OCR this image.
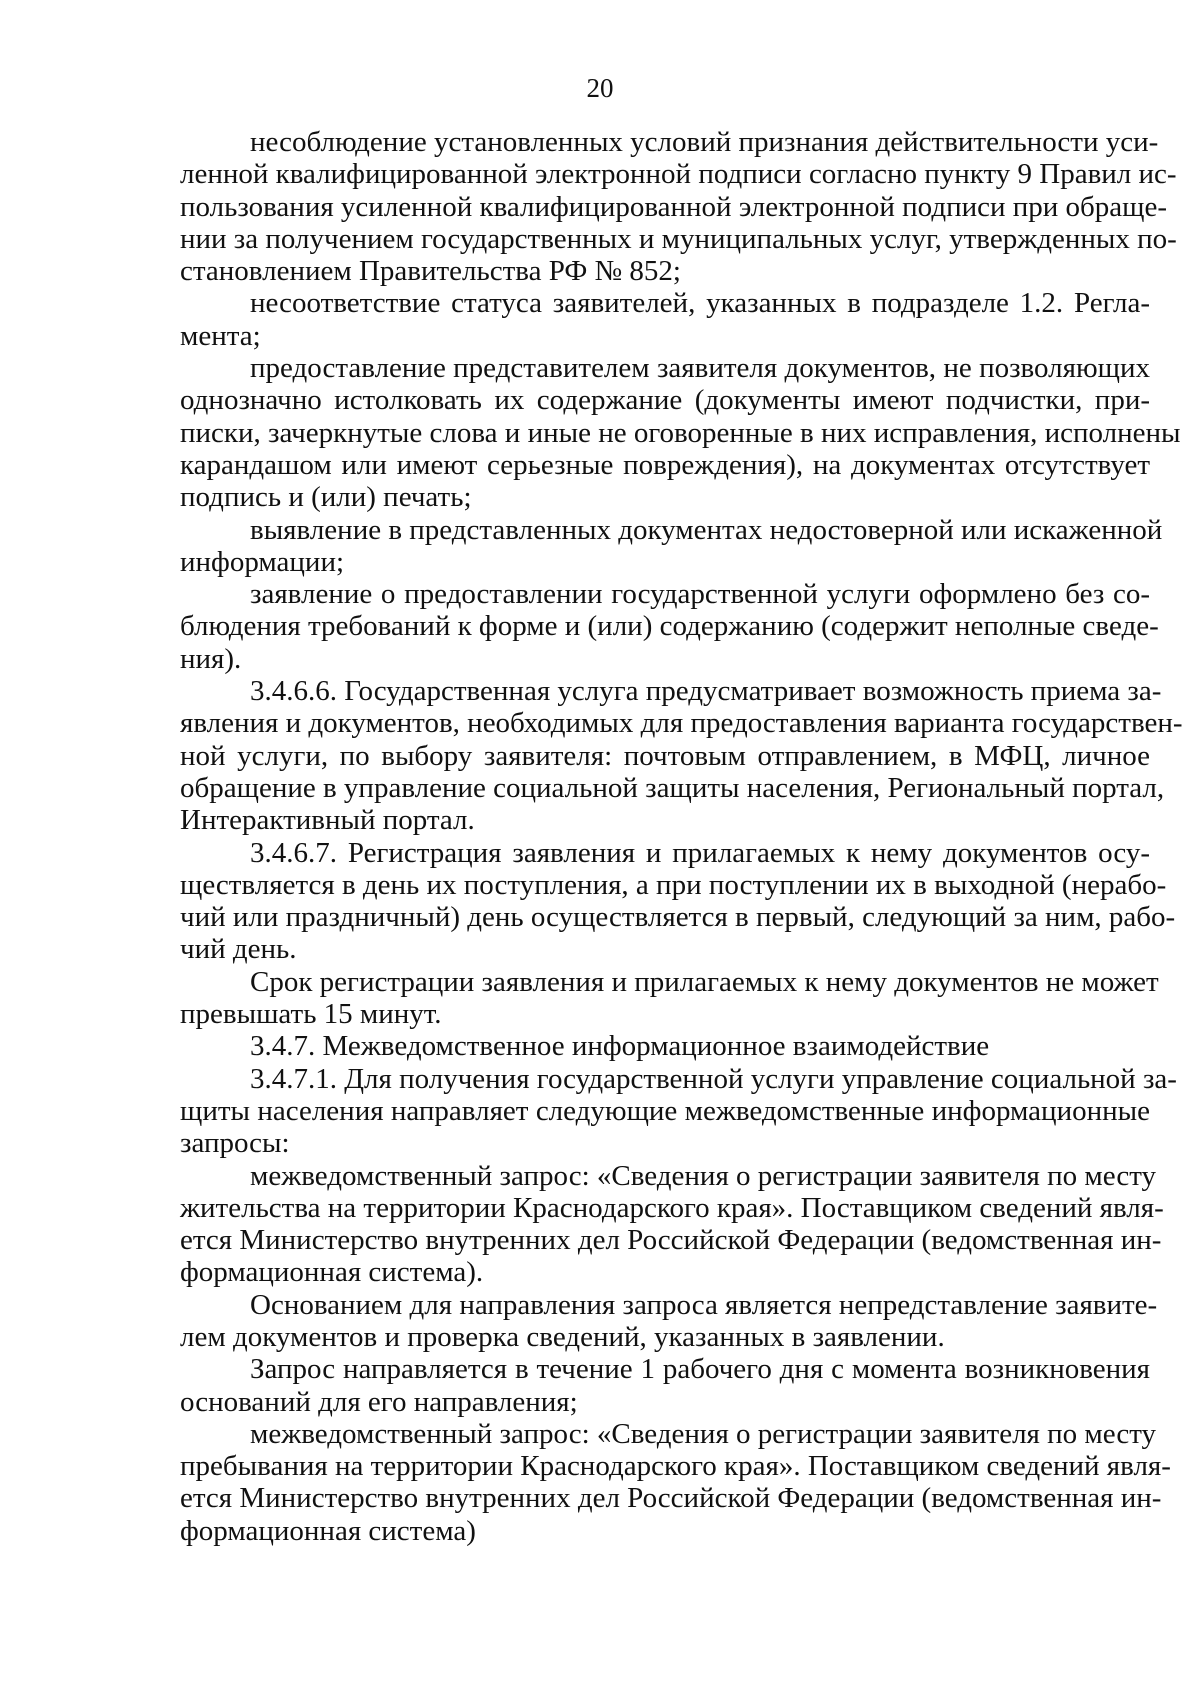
20

несоблюдение установленных условий признания действительности уси-
ленной квалифицированной электронной подписи согласно пункту 9 Правил ис-
пользования усиленной квалифицированной электронной подписи при обраще-
нии за получением государственных и муниципальных услуг, утвержденных по-
становлением Правительства РФ № 852;

несоответствие статуса заявителей, указанных в подразделе 1.2. Регла-
мента;

предоставление представителем заявителя документов, не позволяющих
однозначно истолковать их содержание (документы имеют подчистки, при-
писки, зачеркнутые слова и иные не оговоренные в них исправления, исполнены
карандашом или имеют серьезные повреждения), на документах отсутствует
подпись и (или) печать;

выявление в представленных документах недостоверной или искаженной
информации;

заявление о предоставлении государственной услуги оформлено без со-
блюдения требований к форме и (или) содержанию (содержит неполные сведе-
ния).

3.4.6.6. Государственная услуга предусматривает возможность приема за-
явления и документов, необходимых для предоставления варианта государствен-
ной услуги, по выбору заявителя: почтовым отправлением, в МФЦ, личное
обращение в управление социальной защиты населения, Региональный портал,
Интерактивный портал.

3.4.6.7. Регистрация заявления и прилагаемых к нему документов осу-
ществляется в день их поступления, а при поступлении их в выходной (нерабо-
чий или праздничный) день осуществляется в первый, следующий за ним, рабо-
чий день.

Срок регистрации заявления и прилагаемых к нему документов не может
превышать 15 минут.

3.4.7. Межведомственное информационное взаимодействие

3.4.7.1. Для получения государственной услуги управление социальной за-
щиты населения направляет следующие межведомственные информационные
запросы:

межведомственный запрос: «Сведения о регистрации заявителя по месту
жительства на территории Краснодарского края». Поставщиком сведений явля-
ется Министерство внутренних дел Российской Федерации (ведомственная ин-
формационная система).

Основанием для направления запроса является непредставление заявите-
лем документов и проверка сведений, указанных в заявлении.

Запрос направляется в течение 1 рабочего дня с момента возникновения
оснований для его направления;

межведомственный запрос: «Сведения о регистрации заявителя по месту
пребывания на территории Краснодарского края». Поставщиком сведений явля-
ется Министерство внутренних дел Российской Федерации (ведомственная ин-
формационная система)
